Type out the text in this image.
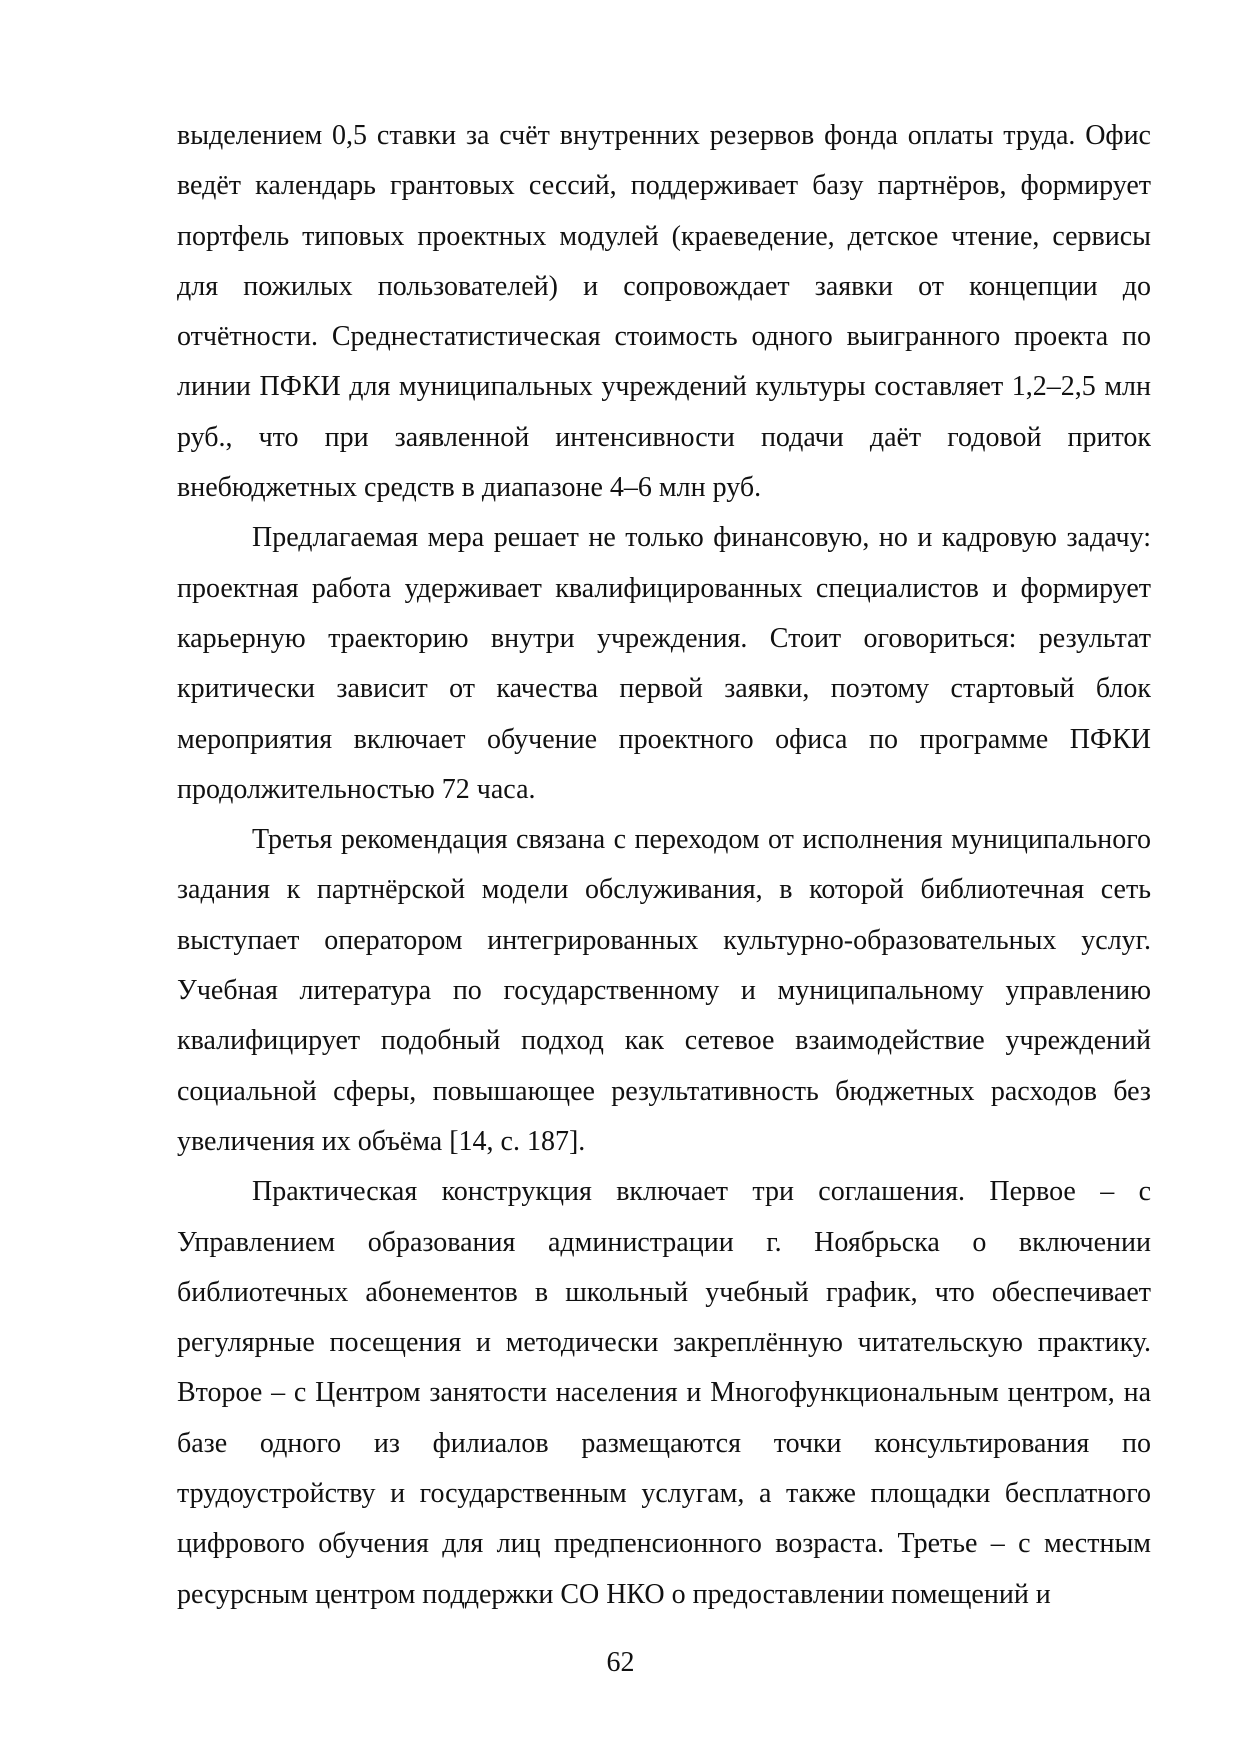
выделением 0,5 ставки за счёт внутренних резервов фонда оплаты труда. Офис ведёт календарь грантовых сессий, поддерживает базу партнёров, формирует портфель типовых проектных модулей (краеведение, детское чтение, сервисы для пожилых пользователей) и сопровождает заявки от концепции до отчётности. Среднестатистическая стоимость одного выигранного проекта по линии ПФКИ для муниципальных учреждений культуры составляет 1,2–2,5 млн руб., что при заявленной интенсивности подачи даёт годовой приток внебюджетных средств в диапазоне 4–6 млн руб.

Предлагаемая мера решает не только финансовую, но и кадровую задачу: проектная работа удерживает квалифицированных специалистов и формирует карьерную траекторию внутри учреждения. Стоит оговориться: результат критически зависит от качества первой заявки, поэтому стартовый блок мероприятия включает обучение проектного офиса по программе ПФКИ продолжительностью 72 часа.

Третья рекомендация связана с переходом от исполнения муниципального задания к партнёрской модели обслуживания, в которой библиотечная сеть выступает оператором интегрированных культурно-образовательных услуг. Учебная литература по государственному и муниципальному управлению квалифицирует подобный подход как сетевое взаимодействие учреждений социальной сферы, повышающее результативность бюджетных расходов без увеличения их объёма [14, с. 187].

Практическая конструкция включает три соглашения. Первое – с Управлением образования администрации г. Ноябрьска о включении библиотечных абонементов в школьный учебный график, что обеспечивает регулярные посещения и методически закреплённую читательскую практику. Второе – с Центром занятости населения и Многофункциональным центром, на базе одного из филиалов размещаются точки консультирования по трудоустройству и государственным услугам, а также площадки бесплатного цифрового обучения для лиц предпенсионного возраста. Третье – с местным ресурсным центром поддержки СО НКО о предоставлении помещений и

62
